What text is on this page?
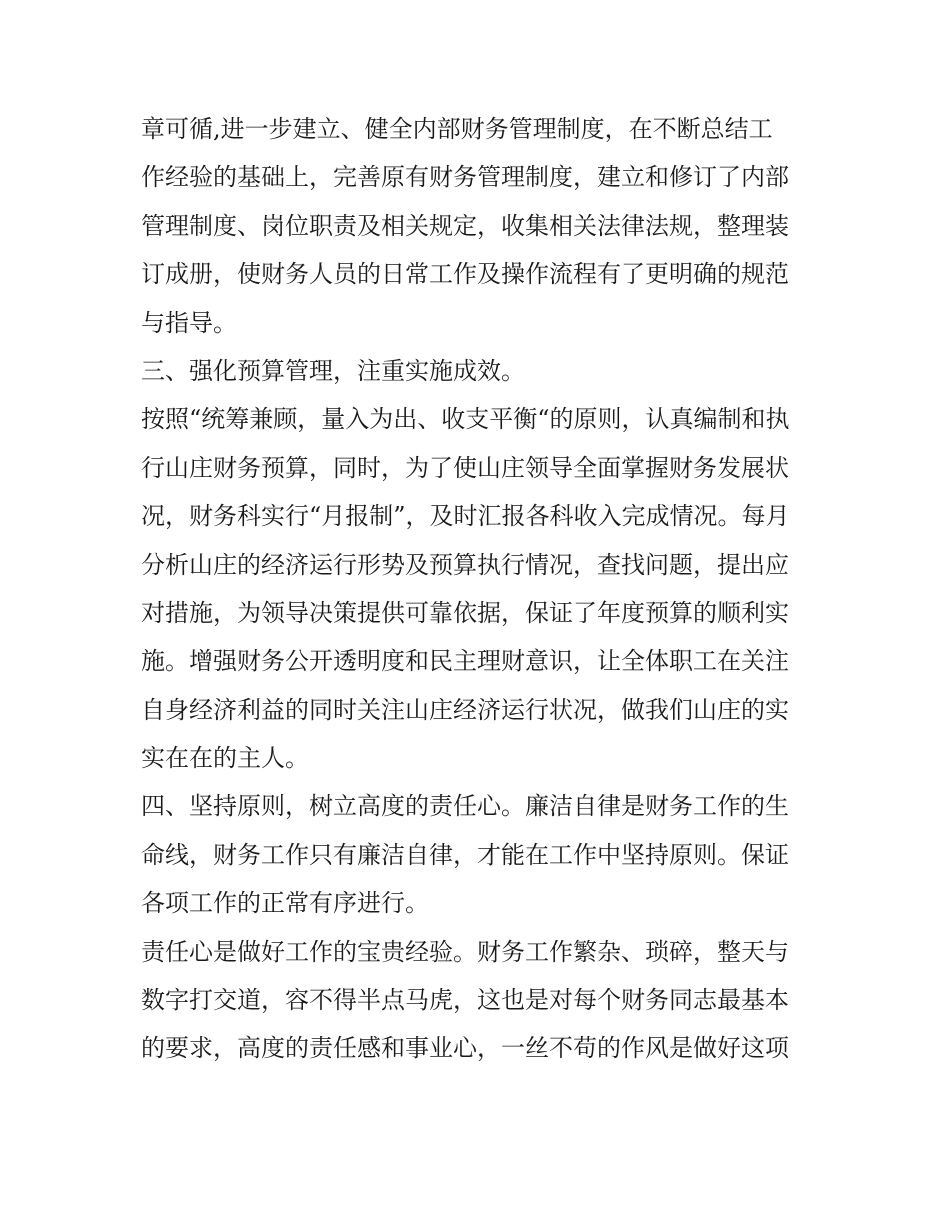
章可循,进一步建立、健全内部财务管理制度，在不断总结工
作经验的基础上，完善原有财务管理制度，建立和修订了内部
管理制度、岗位职责及相关规定，收集相关法律法规，整理装
订成册，使财务人员的日常工作及操作流程有了更明确的规范
与指导。
三、强化预算管理，注重实施成效。
按照“统筹兼顾，量入为出、收支平衡“的原则，认真编制和执
行山庄财务预算，同时，为了使山庄领导全面掌握财务发展状
况，财务科实行“月报制”，及时汇报各科收入完成情况。每月
分析山庄的经济运行形势及预算执行情况，查找问题，提出应
对措施，为领导决策提供可靠依据，保证了年度预算的顺利实
施。增强财务公开透明度和民主理财意识，让全体职工在关注
自身经济利益的同时关注山庄经济运行状况，做我们山庄的实
实在在的主人。
四、坚持原则，树立高度的责任心。廉洁自律是财务工作的生
命线，财务工作只有廉洁自律，才能在工作中坚持原则。保证
各项工作的正常有序进行。
责任心是做好工作的宝贵经验。财务工作繁杂、琐碎，整天与
数字打交道，容不得半点马虎，这也是对每个财务同志最基本
的要求，高度的责任感和事业心，一丝不苟的作风是做好这项
